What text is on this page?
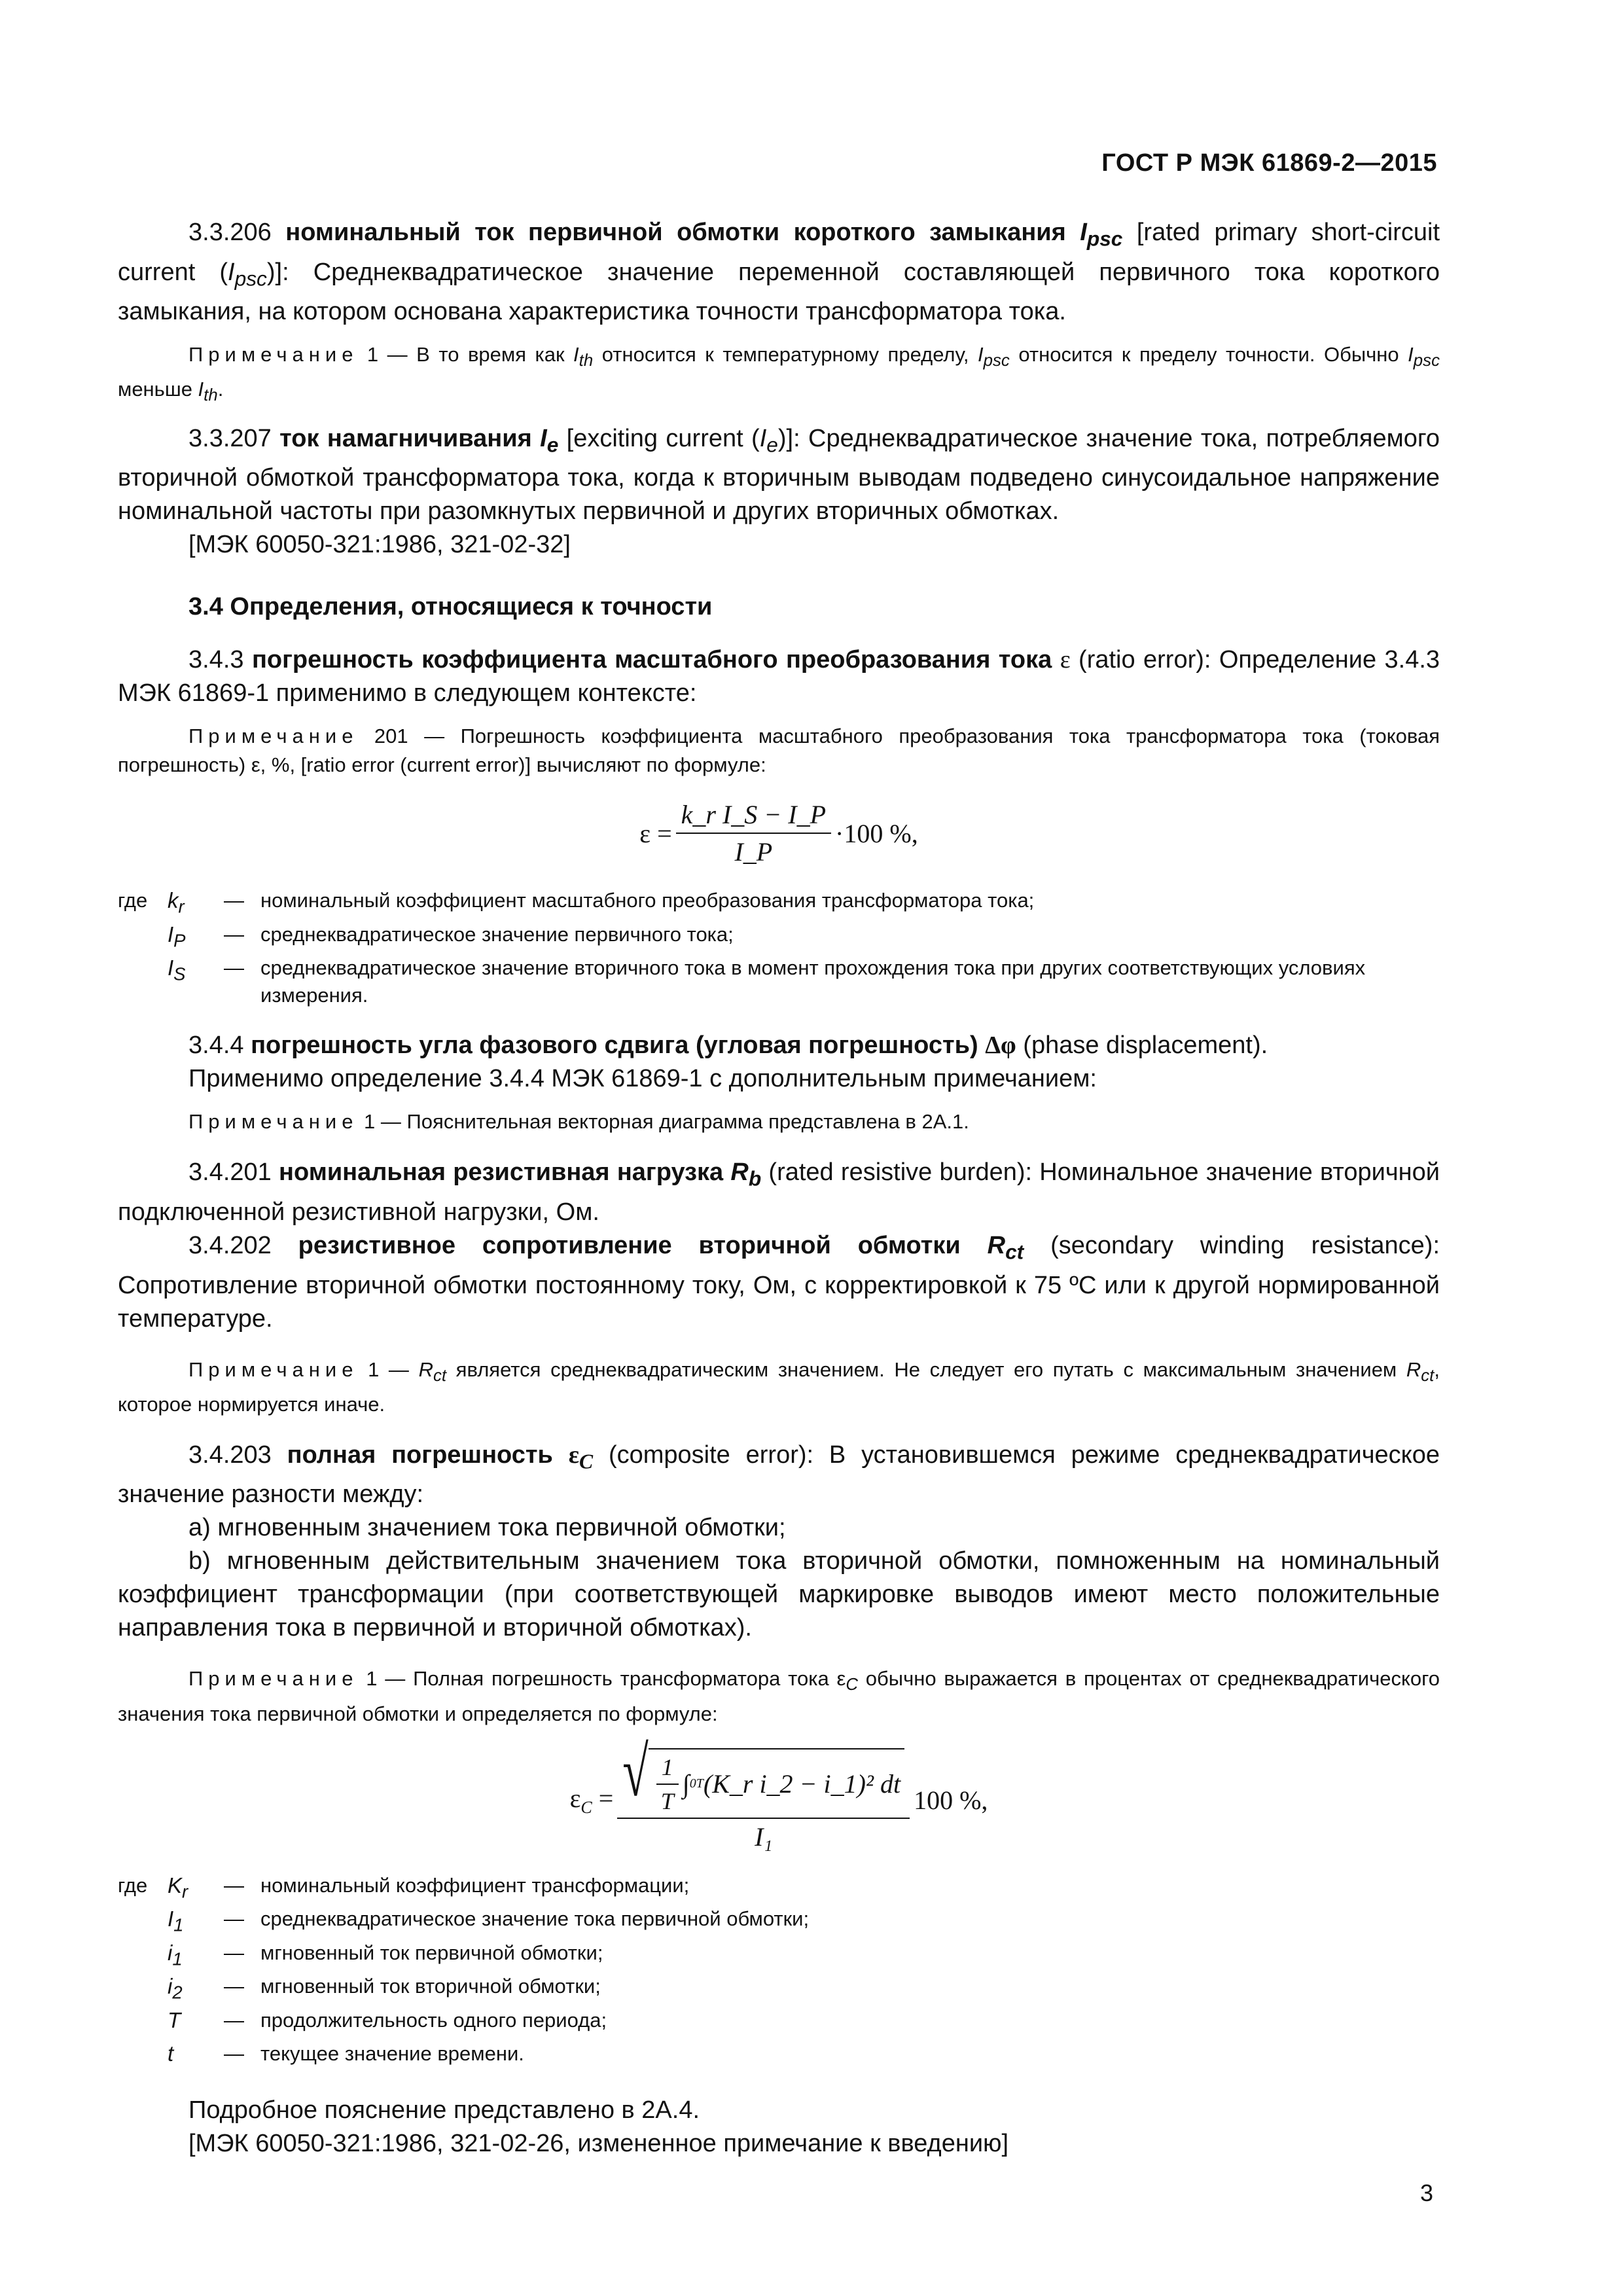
ГОСТ Р МЭК 61869-2—2015

3.3.206 номинальный ток первичной обмотки короткого замыкания $I_{psc}$ [rated primary short-circuit current $(I_{psc})$]: Среднеквадратическое значение переменной составляющей первичного тока короткого замыкания, на котором основана характеристика точности трансформатора тока.

Примечание 1 — В то время как $I_{th}$ относится к температурному пределу, $I_{psc}$ относится к пределу точности. Обычно $I_{psc}$ меньше $I_{th}$.

3.3.207 ток намагничивания $I_e$ [exciting current $(I_e)$]: Среднеквадратическое значение тока, потребляемого вторичной обмоткой трансформатора тока, когда к вторичным выводам подведено синусоидальное напряжение номинальной частоты при разомкнутых первичной и других вторичных обмотках.

[МЭК 60050-321:1986, 321-02-32]

3.4 Определения, относящиеся к точности

3.4.3 погрешность коэффициента масштабного преобразования тока ε (ratio error): Определение 3.4.3 МЭК 61869-1 применимо в следующем контексте:

Примечание 201 — Погрешность коэффициента масштабного преобразования тока трансформатора тока (токовая погрешность) ε, %, [ratio error (current error)] вычисляют по формуле:

$\varepsilon = \frac{\text{k\_r I\_S − I\_P}}{I\_P} \cdot 100$ %,
где	$k_r$	—	номинальный коэффициент масштабного преобразования трансформатора тока;
	$I_P$	—	среднеквадратическое значение первичного тока;
	$I_S$	—	среднеквадратическое значение вторичного тока в момент прохождения тока при других соответствующих условиях измерения.

3.4.4 погрешность угла фазового сдвига (угловая погрешность) Δφ (phase displacement).

Применимо определение 3.4.4 МЭК 61869-1 с дополнительным примечанием:

Примечание 1 — Пояснительная векторная диаграмма представлена в 2А.1.

3.4.201 номинальная резистивная нагрузка $R_b$ (rated resistive burden): Номинальное значение вторичной подключенной резистивной нагрузки, Ом.

3.4.202 резистивное сопротивление вторичной обмотки $R_{ct}$ (secondary winding resistance): Сопротивление вторичной обмотки постоянному току, Ом, с корректировкой к 75 ºС или к другой нормированной температуре.

Примечание 1 — $R_{ct}$ является среднеквадратическим значением. Не следует его путать с максимальным значением $R_{ct}$, которое нормируется иначе.

3.4.203 полная погрешность $\varepsilon_C$ (composite error): В установившемся режиме среднеквадратическое значение разности между:

a) мгновенным значением тока первичной обмотки;

b) мгновенным действительным значением тока вторичной обмотки, помноженным на номинальный коэффициент трансформации (при соответствующей маркировке выводов имеют место положительные направления тока в первичной и вторичной обмотках).

Примечание 1 — Полная погрешность трансформатора тока $\varepsilon_C$ обычно выражается в процентах от среднеквадратического значения тока первичной обмотки и определяется по формуле:

$\varepsilon_C$ = √ $\frac{1}{T}$ ∫ 0 T (K_r i_2 − i_1)² dt
I₁
100 %,
где	$K_r$	—	номинальный коэффициент трансформации;
	$I_1$	—	среднеквадратическое значение тока первичной обмотки;
	$i_1$	—	мгновенный ток первичной обмотки;
	$i_2$	—	мгновенный ток вторичной обмотки;
	T	—	продолжительность одного периода;
	t	—	текущее значение времени.

Подробное пояснение представлено в 2А.4.

[МЭК 60050-321:1986, 321-02-26, измененное примечание к введению]

3
